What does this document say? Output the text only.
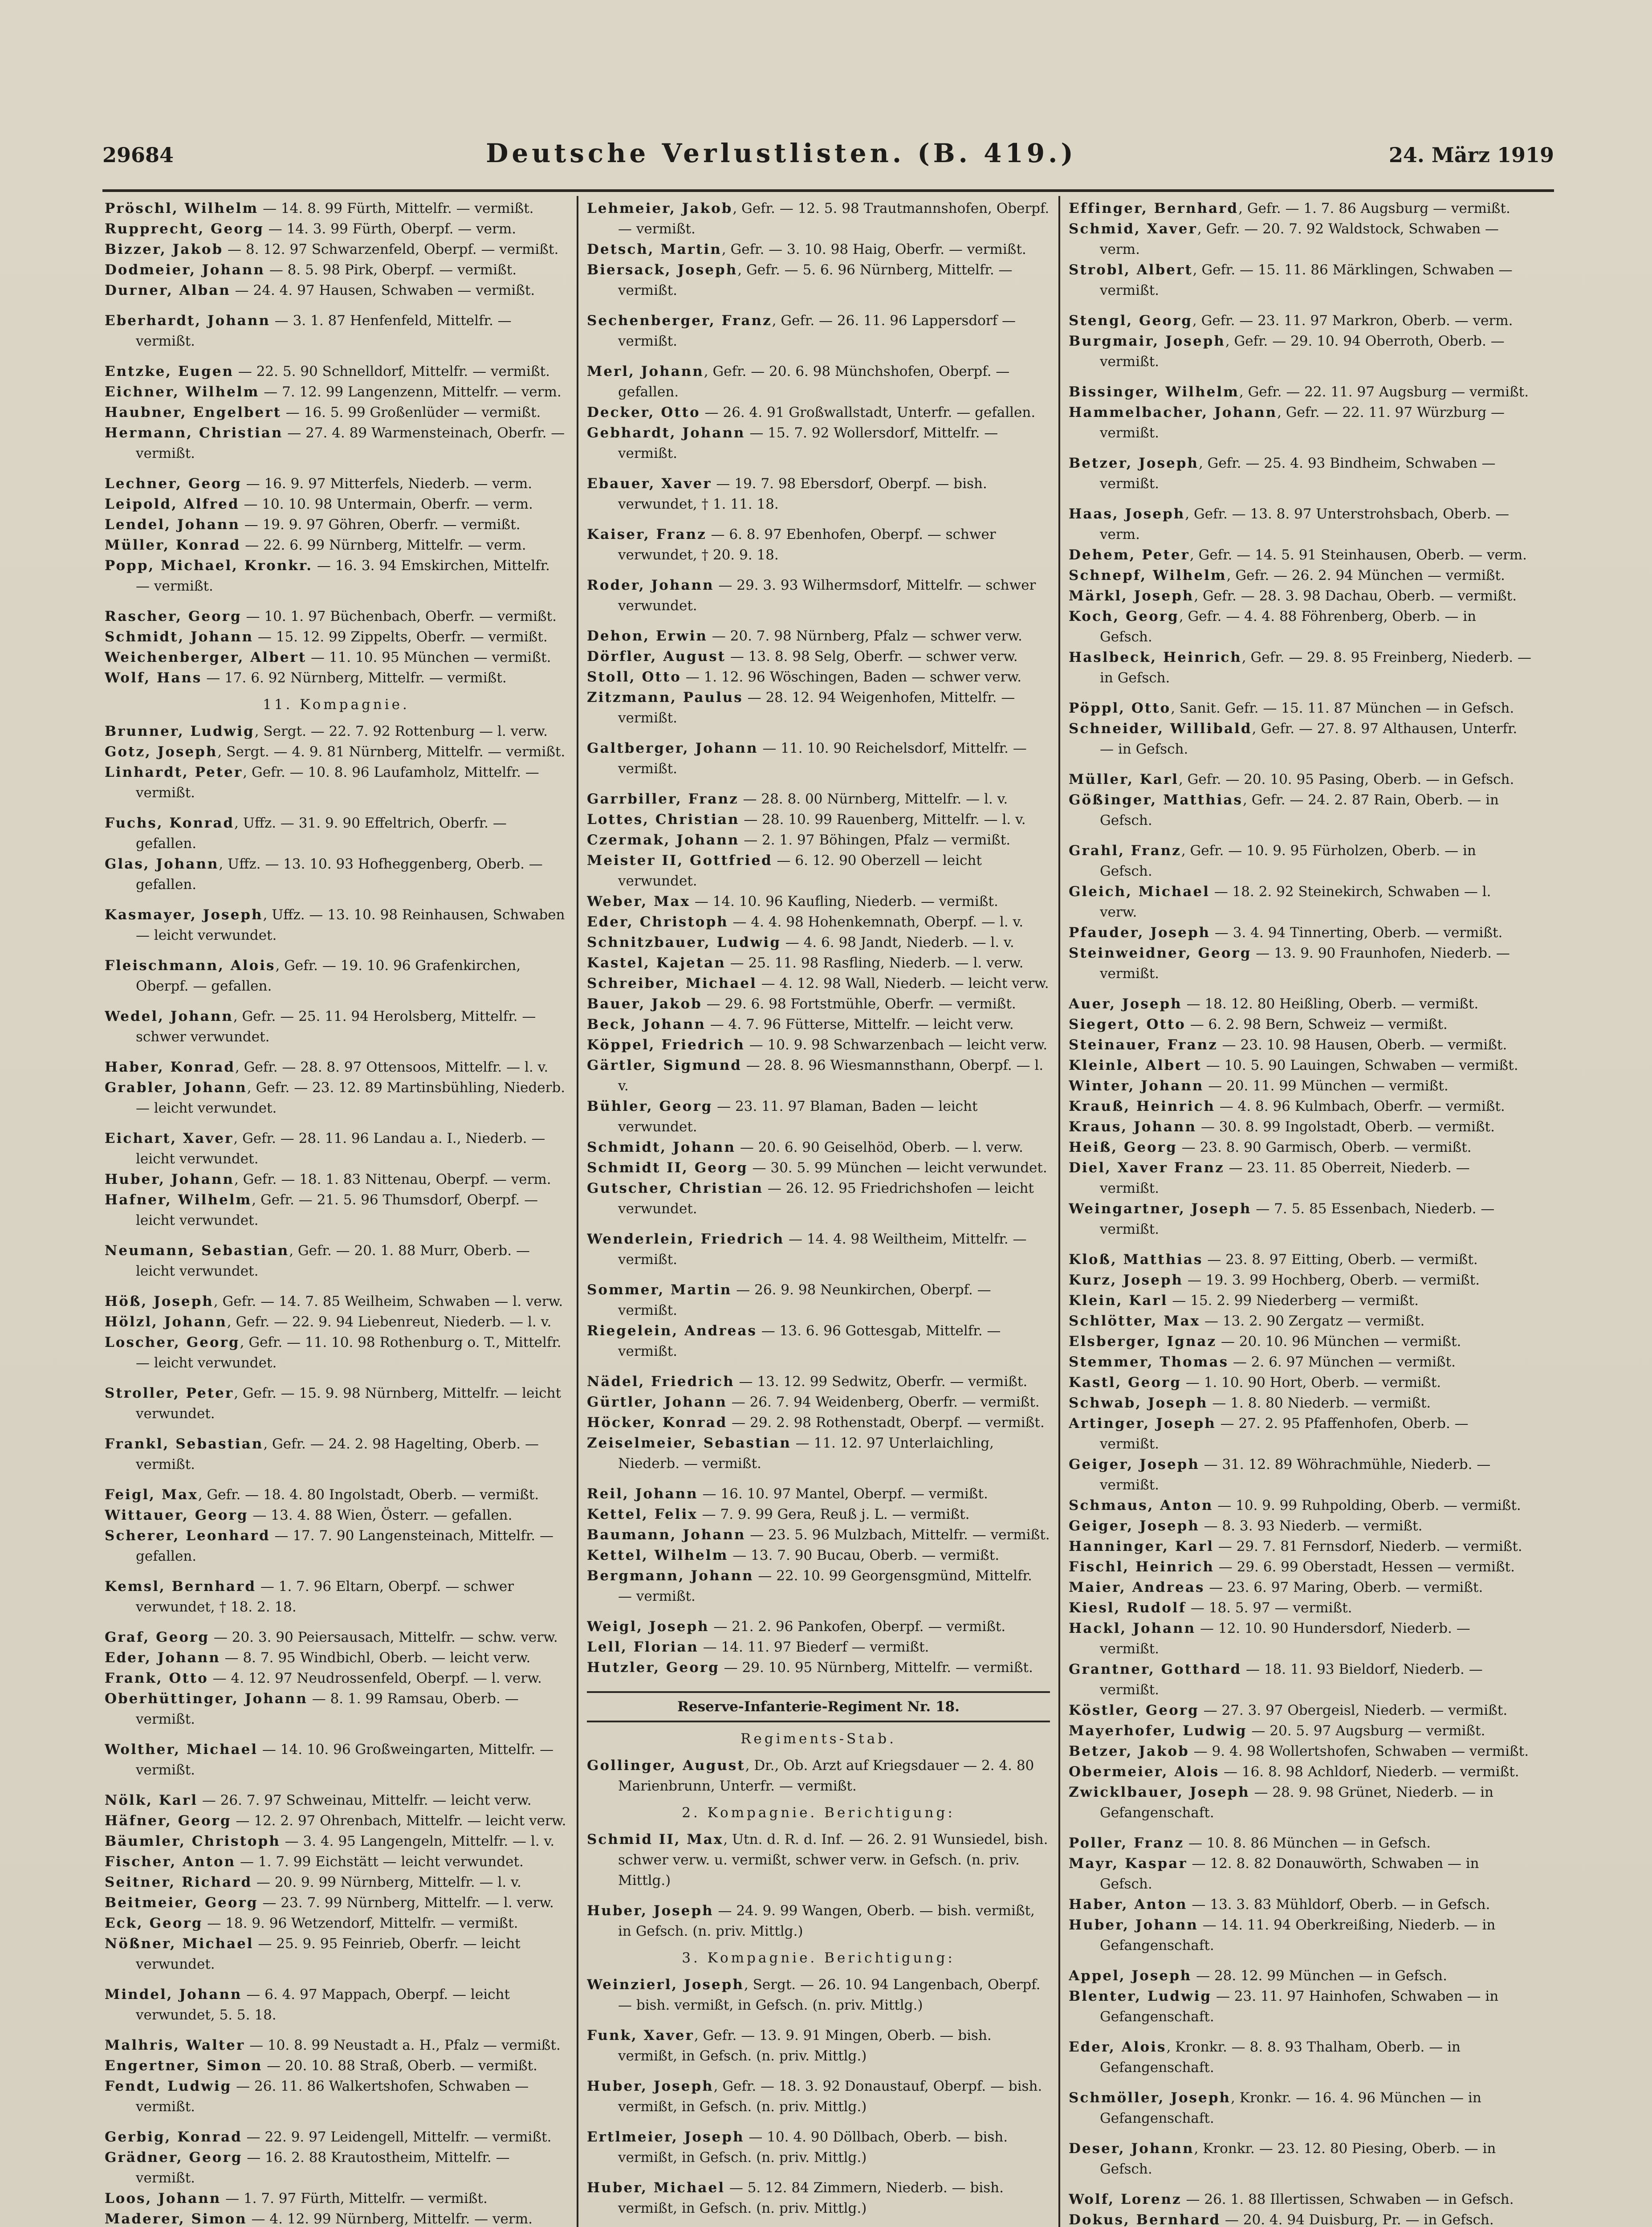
29684	Deutsche Verlustlisten. (B. 419.)	24. März 1919

Pröschl, Wilhelm — 14. 8. 99 Fürth, Mittelfr. — vermißt.

Rupprecht, Georg — 14. 3. 99 Fürth, Oberpf. — verm.

Bizzer, Jakob — 8. 12. 97 Schwarzenfeld, Oberpf. — vermißt.

Dodmeier, Johann — 8. 5. 98 Pirk, Oberpf. — vermißt.

Durner, Alban — 24. 4. 97 Hausen, Schwaben — vermißt.

Eberhardt, Johann — 3. 1. 87 Henfenfeld, Mittelfr. — vermißt.

Entzke, Eugen — 22. 5. 90 Schnelldorf, Mittelfr. — vermißt.

Eichner, Wilhelm — 7. 12. 99 Langenzenn, Mittelfr. — verm.

Haubner, Engelbert — 16. 5. 99 Großenlüder — vermißt.

Hermann, Christian — 27. 4. 89 Warmensteinach, Oberfr. — vermißt.

Lechner, Georg — 16. 9. 97 Mitterfels, Niederb. — verm.

Leipold, Alfred — 10. 10. 98 Untermain, Oberfr. — verm.

Lendel, Johann — 19. 9. 97 Göhren, Oberfr. — vermißt.

Müller, Konrad — 22. 6. 99 Nürnberg, Mittelfr. — verm.

Popp, Michael, Kronkr. — 16. 3. 94 Emskirchen, Mittelfr. — vermißt.

Rascher, Georg — 10. 1. 97 Büchenbach, Oberfr. — vermißt.

Schmidt, Johann — 15. 12. 99 Zippelts, Oberfr. — vermißt.

Weichenberger, Albert — 11. 10. 95 München — vermißt.

Wolf, Hans — 17. 6. 92 Nürnberg, Mittelfr. — vermißt.

11. Kompagnie.

Brunner, Ludwig, Sergt. — 22. 7. 92 Rottenburg — l. verw.

Gotz, Joseph, Sergt. — 4. 9. 81 Nürnberg, Mittelfr. — vermißt.

Linhardt, Peter, Gefr. — 10. 8. 96 Laufamholz, Mittelfr. — vermißt.

Fuchs, Konrad, Uffz. — 31. 9. 90 Effeltrich, Oberfr. — gefallen.

Glas, Johann, Uffz. — 13. 10. 93 Hofheggenberg, Oberb. — gefallen.

Kasmayer, Joseph, Uffz. — 13. 10. 98 Reinhausen, Schwaben — leicht verwundet.

Fleischmann, Alois, Gefr. — 19. 10. 96 Grafenkirchen, Oberpf. — gefallen.

Wedel, Johann, Gefr. — 25. 11. 94 Herolsberg, Mittelfr. — schwer verwundet.

Haber, Konrad, Gefr. — 28. 8. 97 Ottensoos, Mittelfr. — l. v.

Grabler, Johann, Gefr. — 23. 12. 89 Martinsbühling, Niederb. — leicht verwundet.

Eichart, Xaver, Gefr. — 28. 11. 96 Landau a. I., Niederb. — leicht verwundet.

Huber, Johann, Gefr. — 18. 1. 83 Nittenau, Oberpf. — verm.

Hafner, Wilhelm, Gefr. — 21. 5. 96 Thumsdorf, Oberpf. — leicht verwundet.

Neumann, Sebastian, Gefr. — 20. 1. 88 Murr, Oberb. — leicht verwundet.

Höß, Joseph, Gefr. — 14. 7. 85 Weilheim, Schwaben — l. verw.

Hölzl, Johann, Gefr. — 22. 9. 94 Liebenreut, Niederb. — l. v.

Loscher, Georg, Gefr. — 11. 10. 98 Rothenburg o. T., Mittelfr. — leicht verwundet.

Stroller, Peter, Gefr. — 15. 9. 98 Nürnberg, Mittelfr. — leicht verwundet.

Frankl, Sebastian, Gefr. — 24. 2. 98 Hagelting, Oberb. — vermißt.

Feigl, Max, Gefr. — 18. 4. 80 Ingolstadt, Oberb. — vermißt.

Wittauer, Georg — 13. 4. 88 Wien, Österr. — gefallen.

Scherer, Leonhard — 17. 7. 90 Langensteinach, Mittelfr. — gefallen.

Kemsl, Bernhard — 1. 7. 96 Eltarn, Oberpf. — schwer verwundet, † 18. 2. 18.

Graf, Georg — 20. 3. 90 Peiersausach, Mittelfr. — schw. verw.

Eder, Johann — 8. 7. 95 Windbichl, Oberb. — leicht verw.

Frank, Otto — 4. 12. 97 Neudrossenfeld, Oberpf. — l. verw.

Oberhüttinger, Johann — 8. 1. 99 Ramsau, Oberb. — vermißt.

Wolther, Michael — 14. 10. 96 Großweingarten, Mittelfr. — vermißt.

Nölk, Karl — 26. 7. 97 Schweinau, Mittelfr. — leicht verw.

Häfner, Georg — 12. 2. 97 Ohrenbach, Mittelfr. — leicht verw.

Bäumler, Christoph — 3. 4. 95 Langengeln, Mittelfr. — l. v.

Fischer, Anton — 1. 7. 99 Eichstätt — leicht verwundet.

Seitner, Richard — 20. 9. 99 Nürnberg, Mittelfr. — l. v.

Beitmeier, Georg — 23. 7. 99 Nürnberg, Mittelfr. — l. verw.

Eck, Georg — 18. 9. 96 Wetzendorf, Mittelfr. — vermißt.

Nößner, Michael — 25. 9. 95 Feinrieb, Oberfr. — leicht verwundet.

Mindel, Johann — 6. 4. 97 Mappach, Oberpf. — leicht verwundet, 5. 5. 18.

Malhris, Walter — 10. 8. 99 Neustadt a. H., Pfalz — vermißt.

Engertner, Simon — 20. 10. 88 Straß, Oberb. — vermißt.

Fendt, Ludwig — 26. 11. 86 Walkertshofen, Schwaben — vermißt.

Gerbig, Konrad — 22. 9. 97 Leidengell, Mittelfr. — vermißt.

Grädner, Georg — 16. 2. 88 Krautostheim, Mittelfr. — vermißt.

Loos, Johann — 1. 7. 97 Fürth, Mittelfr. — vermißt.

Maderer, Simon — 4. 12. 99 Nürnberg, Mittelfr. — verm.

Lehmeier, Jakob, Gefr. — 12. 5. 98 Trautmannshofen, Oberpf. — vermißt.

Detsch, Martin, Gefr. — 3. 10. 98 Haig, Oberfr. — vermißt.

Biersack, Joseph, Gefr. — 5. 6. 96 Nürnberg, Mittelfr. — vermißt.

Sechenberger, Franz, Gefr. — 26. 11. 96 Lappersdorf — vermißt.

Merl, Johann, Gefr. — 20. 6. 98 Münchshofen, Oberpf. — gefallen.

Decker, Otto — 26. 4. 91 Großwallstadt, Unterfr. — gefallen.

Gebhardt, Johann — 15. 7. 92 Wollersdorf, Mittelfr. — vermißt.

Ebauer, Xaver — 19. 7. 98 Ebersdorf, Oberpf. — bish. verwundet, † 1. 11. 18.

Kaiser, Franz — 6. 8. 97 Ebenhofen, Oberpf. — schwer verwundet, † 20. 9. 18.

Roder, Johann — 29. 3. 93 Wilhermsdorf, Mittelfr. — schwer verwundet.

Dehon, Erwin — 20. 7. 98 Nürnberg, Pfalz — schwer verw.

Dörfler, August — 13. 8. 98 Selg, Oberfr. — schwer verw.

Stoll, Otto — 1. 12. 96 Wöschingen, Baden — schwer verw.

Zitzmann, Paulus — 28. 12. 94 Weigenhofen, Mittelfr. — vermißt.

Galtberger, Johann — 11. 10. 90 Reichelsdorf, Mittelfr. — vermißt.

Garrbiller, Franz — 28. 8. 00 Nürnberg, Mittelfr. — l. v.

Lottes, Christian — 28. 10. 99 Rauenberg, Mittelfr. — l. v.

Czermak, Johann — 2. 1. 97 Böhingen, Pfalz — vermißt.

Meister II, Gottfried — 6. 12. 90 Oberzell — leicht verwundet.

Weber, Max — 14. 10. 96 Kaufling, Niederb. — vermißt.

Eder, Christoph — 4. 4. 98 Hohenkemnath, Oberpf. — l. v.

Schnitzbauer, Ludwig — 4. 6. 98 Jandt, Niederb. — l. v.

Kastel, Kajetan — 25. 11. 98 Rasfling, Niederb. — l. verw.

Schreiber, Michael — 4. 12. 98 Wall, Niederb. — leicht verw.

Bauer, Jakob — 29. 6. 98 Fortstmühle, Oberfr. — vermißt.

Beck, Johann — 4. 7. 96 Fütterse, Mittelfr. — leicht verw.

Köppel, Friedrich — 10. 9. 98 Schwarzenbach — leicht verw.

Gärtler, Sigmund — 28. 8. 96 Wiesmannsthann, Oberpf. — l. v.

Bühler, Georg — 23. 11. 97 Blaman, Baden — leicht verwundet.

Schmidt, Johann — 20. 6. 90 Geiselhöd, Oberb. — l. verw.

Schmidt II, Georg — 30. 5. 99 München — leicht verwundet.

Gutscher, Christian — 26. 12. 95 Friedrichshofen — leicht verwundet.

Wenderlein, Friedrich — 14. 4. 98 Weiltheim, Mittelfr. — vermißt.

Sommer, Martin — 26. 9. 98 Neunkirchen, Oberpf. — vermißt.

Riegelein, Andreas — 13. 6. 96 Gottesgab, Mittelfr. — vermißt.

Nädel, Friedrich — 13. 12. 99 Sedwitz, Oberfr. — vermißt.

Gürtler, Johann — 26. 7. 94 Weidenberg, Oberfr. — vermißt.

Höcker, Konrad — 29. 2. 98 Rothenstadt, Oberpf. — vermißt.

Zeiselmeier, Sebastian — 11. 12. 97 Unterlaichling, Niederb. — vermißt.

Reil, Johann — 16. 10. 97 Mantel, Oberpf. — vermißt.

Kettel, Felix — 7. 9. 99 Gera, Reuß j. L. — vermißt.

Baumann, Johann — 23. 5. 96 Mulzbach, Mittelfr. — vermißt.

Kettel, Wilhelm — 13. 7. 90 Bucau, Oberb. — vermißt.

Bergmann, Johann — 22. 10. 99 Georgensgmünd, Mittelfr. — vermißt.

Weigl, Joseph — 21. 2. 96 Pankofen, Oberpf. — vermißt.

Lell, Florian — 14. 11. 97 Biederf — vermißt.

Hutzler, Georg — 29. 10. 95 Nürnberg, Mittelfr. — vermißt.

Reserve-Infanterie-Regiment Nr. 18.
Regiments-Stab.

Gollinger, August, Dr., Ob. Arzt auf Kriegsdauer — 2. 4. 80 Marienbrunn, Unterfr. — vermißt.

2. Kompagnie. Berichtigung:

Schmid II, Max, Utn. d. R. d. Inf. — 26. 2. 91 Wunsiedel, bish. schwer verw. u. vermißt, schwer verw. in Gefsch. (n. priv. Mittlg.)

Huber, Joseph — 24. 9. 99 Wangen, Oberb. — bish. vermißt, in Gefsch. (n. priv. Mittlg.)

3. Kompagnie. Berichtigung:

Weinzierl, Joseph, Sergt. — 26. 10. 94 Langenbach, Oberpf. — bish. vermißt, in Gefsch. (n. priv. Mittlg.)

Funk, Xaver, Gefr. — 13. 9. 91 Mingen, Oberb. — bish. vermißt, in Gefsch. (n. priv. Mittlg.)

Huber, Joseph, Gefr. — 18. 3. 92 Donaustauf, Oberpf. — bish. vermißt, in Gefsch. (n. priv. Mittlg.)

Ertlmeier, Joseph — 10. 4. 90 Döllbach, Oberb. — bish. vermißt, in Gefsch. (n. priv. Mittlg.)

Huber, Michael — 5. 12. 84 Zimmern, Niederb. — bish. vermißt, in Gefsch. (n. priv. Mittlg.)

Effinger, Bernhard, Gefr. — 1. 7. 86 Augsburg — vermißt.

Schmid, Xaver, Gefr. — 20. 7. 92 Waldstock, Schwaben — verm.

Strobl, Albert, Gefr. — 15. 11. 86 Märklingen, Schwaben — vermißt.

Stengl, Georg, Gefr. — 23. 11. 97 Markron, Oberb. — verm.

Burgmair, Joseph, Gefr. — 29. 10. 94 Oberroth, Oberb. — vermißt.

Bissinger, Wilhelm, Gefr. — 22. 11. 97 Augsburg — vermißt.

Hammelbacher, Johann, Gefr. — 22. 11. 97 Würzburg — vermißt.

Betzer, Joseph, Gefr. — 25. 4. 93 Bindheim, Schwaben — vermißt.

Haas, Joseph, Gefr. — 13. 8. 97 Unterstrohsbach, Oberb. — verm.

Dehem, Peter, Gefr. — 14. 5. 91 Steinhausen, Oberb. — verm.

Schnepf, Wilhelm, Gefr. — 26. 2. 94 München — vermißt.

Märkl, Joseph, Gefr. — 28. 3. 98 Dachau, Oberb. — vermißt.

Koch, Georg, Gefr. — 4. 4. 88 Föhrenberg, Oberb. — in Gefsch.

Haslbeck, Heinrich, Gefr. — 29. 8. 95 Freinberg, Niederb. — in Gefsch.

Pöppl, Otto, Sanit. Gefr. — 15. 11. 87 München — in Gefsch.

Schneider, Willibald, Gefr. — 27. 8. 97 Althausen, Unterfr. — in Gefsch.

Müller, Karl, Gefr. — 20. 10. 95 Pasing, Oberb. — in Gefsch.

Gößinger, Matthias, Gefr. — 24. 2. 87 Rain, Oberb. — in Gefsch.

Grahl, Franz, Gefr. — 10. 9. 95 Fürholzen, Oberb. — in Gefsch.

Gleich, Michael — 18. 2. 92 Steinekirch, Schwaben — l. verw.

Pfauder, Joseph — 3. 4. 94 Tinnerting, Oberb. — vermißt.

Steinweidner, Georg — 13. 9. 90 Fraunhofen, Niederb. — vermißt.

Auer, Joseph — 18. 12. 80 Heißling, Oberb. — vermißt.

Siegert, Otto — 6. 2. 98 Bern, Schweiz — vermißt.

Steinauer, Franz — 23. 10. 98 Hausen, Oberb. — vermißt.

Kleinle, Albert — 10. 5. 90 Lauingen, Schwaben — vermißt.

Winter, Johann — 20. 11. 99 München — vermißt.

Krauß, Heinrich — 4. 8. 96 Kulmbach, Oberfr. — vermißt.

Kraus, Johann — 30. 8. 99 Ingolstadt, Oberb. — vermißt.

Heiß, Georg — 23. 8. 90 Garmisch, Oberb. — vermißt.

Diel, Xaver Franz — 23. 11. 85 Oberreit, Niederb. — vermißt.

Weingartner, Joseph — 7. 5. 85 Essenbach, Niederb. — vermißt.

Kloß, Matthias — 23. 8. 97 Eitting, Oberb. — vermißt.

Kurz, Joseph — 19. 3. 99 Hochberg, Oberb. — vermißt.

Klein, Karl — 15. 2. 99 Niederberg — vermißt.

Schlötter, Max — 13. 2. 90 Zergatz — vermißt.

Elsberger, Ignaz — 20. 10. 96 München — vermißt.

Stemmer, Thomas — 2. 6. 97 München — vermißt.

Kastl, Georg — 1. 10. 90 Hort, Oberb. — vermißt.

Schwab, Joseph — 1. 8. 80 Niederb. — vermißt.

Artinger, Joseph — 27. 2. 95 Pfaffenhofen, Oberb. — vermißt.

Geiger, Joseph — 31. 12. 89 Wöhrachmühle, Niederb. — vermißt.

Schmaus, Anton — 10. 9. 99 Ruhpolding, Oberb. — vermißt.

Geiger, Joseph — 8. 3. 93 Niederb. — vermißt.

Hanninger, Karl — 29. 7. 81 Fernsdorf, Niederb. — vermißt.

Fischl, Heinrich — 29. 6. 99 Oberstadt, Hessen — vermißt.

Maier, Andreas — 23. 6. 97 Maring, Oberb. — vermißt.

Kiesl, Rudolf — 18. 5. 97 — vermißt.

Hackl, Johann — 12. 10. 90 Hundersdorf, Niederb. — vermißt.

Grantner, Gotthard — 18. 11. 93 Bieldorf, Niederb. — vermißt.

Köstler, Georg — 27. 3. 97 Obergeisl, Niederb. — vermißt.

Mayerhofer, Ludwig — 20. 5. 97 Augsburg — vermißt.

Betzer, Jakob — 9. 4. 98 Wollertshofen, Schwaben — vermißt.

Obermeier, Alois — 16. 8. 98 Achldorf, Niederb. — vermißt.

Zwicklbauer, Joseph — 28. 9. 98 Grünet, Niederb. — in Gefangenschaft.

Poller, Franz — 10. 8. 86 München — in Gefsch.

Mayr, Kaspar — 12. 8. 82 Donauwörth, Schwaben — in Gefsch.

Haber, Anton — 13. 3. 83 Mühldorf, Oberb. — in Gefsch.

Huber, Johann — 14. 11. 94 Oberkreißing, Niederb. — in Gefangenschaft.

Appel, Joseph — 28. 12. 99 München — in Gefsch.

Blenter, Ludwig — 23. 11. 97 Hainhofen, Schwaben — in Gefangenschaft.

Eder, Alois, Kronkr. — 8. 8. 93 Thalham, Oberb. — in Gefangenschaft.

Schmöller, Joseph, Kronkr. — 16. 4. 96 München — in Gefangenschaft.

Deser, Johann, Kronkr. — 23. 12. 80 Piesing, Oberb. — in Gefsch.

Wolf, Lorenz — 26. 1. 88 Illertissen, Schwaben — in Gefsch.

Dokus, Bernhard — 20. 4. 94 Duisburg, Pr. — in Gefsch.
